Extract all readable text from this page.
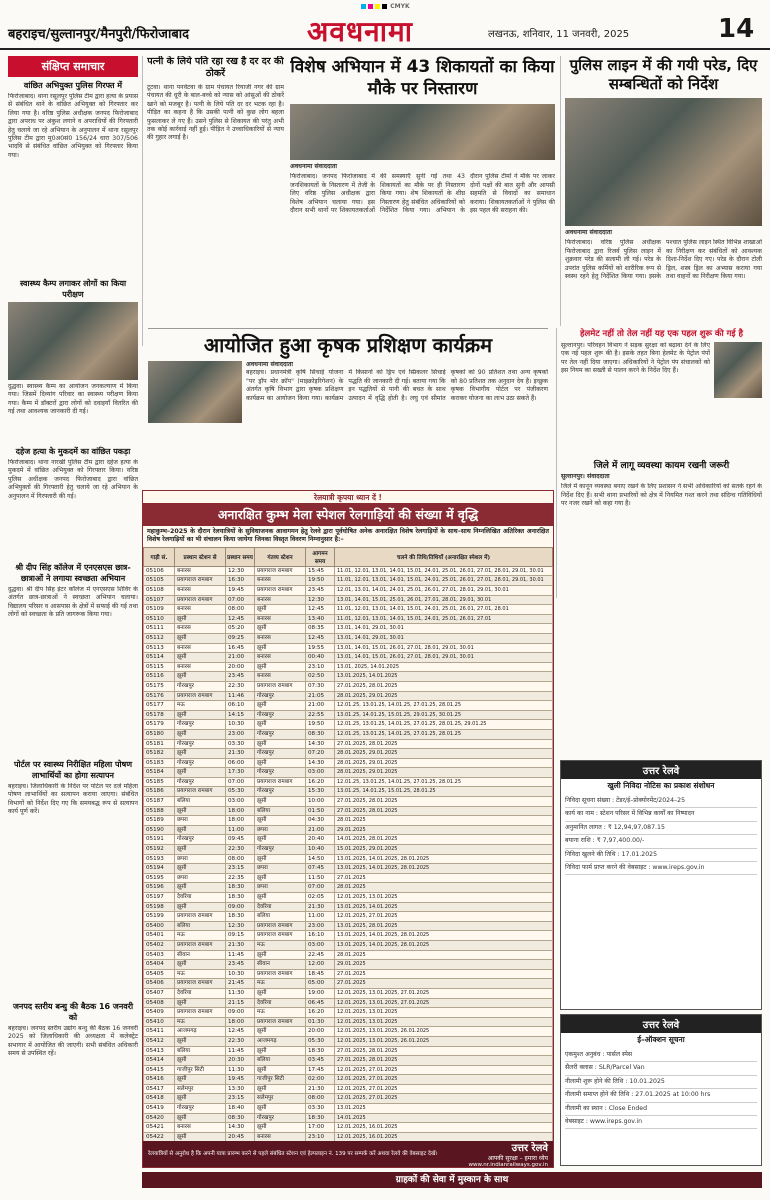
CMYK
बहराइच/सुल्तानपुर/मैनपुरी/फिरोजाबाद	अवधनामा	लखनऊ, शनिवार, 11 जनवरी, 2025	14
संक्षिप्त समाचार
वांछित अभियुक्त पुलिस गिरफ्त में
फिरोजाबाद। थाना रसूलपुर पुलिस टीम द्वारा हत्या के प्रयास से संबंधित थाने के वांछित अभियुक्त को गिरफ्तार कर लिया गया है। वरिष्ठ पुलिस अधीक्षक जनपद फिरोजाबाद द्वारा अपराध पर अंकुश लगाने व अपराधियों की गिरफ्तारी हेतु चलाये जा रहे अभियान के अनुपालन में थाना रसूलपुर पुलिस टीम द्वारा मु0अ0सं0 156/24 धारा 307/506 भादवि से संबंधित वांछित अभियुक्त को गिरफ्तार किया गया।
स्वास्थ्य कैम्प लगाकर लोगों का किया परीक्षण
दुद्धवा। स्वास्थ्य कैम्प का आयोजन जनकल्याण में किया गया। जिसमें दिव्यांग परिवार का स्वास्थ्य परीक्षण किया गया। कैम्प में डॉक्टरों द्वारा लोगों को दवाइयाँ वितरित की गई तथा आवश्यक जानकारी दी गई।
दहेज हत्या के मुकदमें का वांछित पकड़ा
फिरोजाबाद। थाना नारखी पुलिस टीम द्वारा दहेज हत्या के मुकदमे में वांछित अभियुक्त को गिरफ्तार किया। वरिष्ठ पुलिस अधीक्षक जनपद फिरोजाबाद द्वारा वांछित अभियुक्तों की गिरफ्तारी हेतु चलाये जा रहे अभियान के अनुपालन में गिरफ्तारी की गई।
श्री दीप सिंह कॉलेज में एनएसएस छात्र-छात्राओं ने लगाया स्वच्छता अभियान
दुद्धवा। श्री दीप सिंह इंटर कॉलेज में एनएसएस शिविर के अंतर्गत छात्र-छात्राओं ने स्वच्छता अभियान चलाया। विद्यालय परिसर व आसपास के क्षेत्रों में सफाई की गई तथा लोगों को स्वच्छता के प्रति जागरूक किया गया।
पोर्टल पर स्वास्थ्य निरीक्षित महिला पोषण लाभार्थियों का होगा सत्यापन
बहराइच। जिलाधिकारी के निर्देश पर पोर्टल पर दर्ज महिला पोषण लाभार्थियों का सत्यापन कराया जाएगा। संबंधित विभागों को निर्देश दिए गए कि समयबद्ध रूप से सत्यापन कार्य पूर्ण करें।
जनपद स्तरीय बन्धु की बैठक 16 जनवरी को
बहराइच। जनपद स्तरीय उद्योग बन्धु की बैठक 16 जनवरी 2025 को जिलाधिकारी की अध्यक्षता में कलेक्ट्रेट सभागार में आयोजित की जाएगी। सभी संबंधित अधिकारी समय से उपस्थित रहें।
पत्नी के लिये पति रहा रख है दर दर की ठोकरें
टूटवा। थाना पनवेंटवा के ग्राम पंचायत रियाजी नगर की ग्राम पंचायत की धूरी के बाल-बच्चे को न्यास को आंसुओं की ठोकरें खाने को मजबूर है। पत्नी के लिये पति दर दर भटक रहा है। पीड़ित का कहना है कि उसकी पत्नी को कुछ लोग बहला फुसलाकर ले गए हैं। उसने पुलिस से शिकायत की परंतु अभी तक कोई कार्रवाई नहीं हुई। पीड़ित ने उच्चाधिकारियों से न्याय की गुहार लगाई है।
विशेष अभियान में 43 शिकायतों का किया मौके पर निस्तारण
अवधनामा संवाददाता
फिरोजाबाद। जनपद फिरोजाबाद में जनशिकायतों के निस्तारण में तेजी के लिए वरिष्ठ पुलिस अधीक्षक द्वारा विशेष अभियान चलाया गया। इस दौरान सभी थानों पर शिकायतकर्ताओं की समस्याएँ सुनी गईं तथा 43 शिकायतों का मौके पर ही निस्तारण किया गया। शेष शिकायतों के शीघ्र निस्तारण हेतु संबंधित अधिकारियों को निर्देशित किया गया। अभियान के दौरान पुलिस टीमों ने मौके पर जाकर दोनों पक्षों की बात सुनी और आपसी सहमति से विवादों का समाधान कराया। शिकायतकर्ताओं ने पुलिस की इस पहल की सराहना की।
पुलिस लाइन में की गयी परेड, दिए सम्बन्धितों को निर्देश
अवधनामा संवाददाता
फिरोजाबाद। वरिष्ठ पुलिस अधीक्षक फिरोजाबाद द्वारा रिजर्व पुलिस लाइन में शुक्रवार परेड की सलामी ली गई। परेड के उपरांत पुलिस कर्मियों को शारीरिक रूप से स्वस्थ रहने हेतु निर्देशित किया गया। इसके पश्चात पुलिस लाइन स्थित विभिन्न शाखाओं का निरीक्षण कर संबंधितों को आवश्यक दिशा-निर्देश दिए गए। परेड के दौरान टोली ड्रिल, शस्त्र ड्रिल का अभ्यास कराया गया तथा वाहनों का निरीक्षण किया गया।
आयोजित हुआ कृषक प्रशिक्षण कार्यक्रम
अवधनामा संवाददाता
बहराइच। प्रधानमंत्री कृषि सिंचाई योजना "पर ड्रॉप मोर क्रॉप" (माइक्रोइरिगेशन) के अंतर्गत कृषि विभाग द्वारा कृषक प्रशिक्षण कार्यक्रम का आयोजन किया गया। कार्यक्रम में किसानों को ड्रिप एवं स्प्रिंकलर सिंचाई पद्धति की जानकारी दी गई। बताया गया कि इन पद्धतियों से पानी की बचत के साथ उत्पादन में वृद्धि होती है। लघु एवं सीमांत कृषकों को 90 प्रतिशत तथा अन्य कृषकों को 80 प्रतिशत तक अनुदान देय है। इच्छुक कृषक विभागीय पोर्टल पर पंजीकरण कराकर योजना का लाभ उठा सकते हैं।
हेलमेट नहीं तो तेल नहीं यह एक पहल शुरू की गई है
सुल्तानपुर। परिवहन विभाग ने सड़क सुरक्षा को बढ़ावा देने के लिए एक नई पहल शुरू की है। इसके तहत बिना हेलमेट के पेट्रोल पंपों पर तेल नहीं दिया जाएगा। अधिकारियों ने पेट्रोल पंप संचालकों को इस नियम का सख्ती से पालन करने के निर्देश दिए हैं।
जिले में लागू व्यवस्था कायम रखनी जरूरी
सुल्तानपुर। संवाददाता
जिले में कानून व्यवस्था बनाए रखने के लिए प्रशासन ने सभी अधिकारियों को सतर्क रहने के निर्देश दिए हैं। सभी थाना प्रभारियों को क्षेत्र में नियमित गश्त करने तथा संदिग्ध गतिविधियों पर नजर रखने को कहा गया है।
रेलयात्री कृपया ध्यान दें !
अनारक्षित कुम्भ मेला स्पेशल रेलगाड़ियों की संख्या में वृद्धि
महाकुम्भ–2025 के दौरान रेलयात्रियों के सुविधाजनक आवागमन हेतु रेलवे द्वारा पूर्वघोषित अनेक अनारक्षित विशेष रेलगाड़ियों के साथ–साथ निम्नलिखित अतिरिक्त अनारक्षित विशेष रेलगाड़ियों का भी संचालन किया जायेगा जिनका विस्तृत विवरण निम्नानुसार है:–
गाड़ी सं.	प्रस्थान स्टेशन से	प्रस्थान समय	गंतव्य स्टेशन	आगमन समय	चलने की तिथि/तिथियाँ (अनारक्षित स्पेशल में)
05106	बनारस	12:30	प्रयागराज रामबाग	15:45	11.01, 12.01, 13.01, 14.01, 15.01, 24.01, 25.01, 26.01, 27.01, 28.01, 29.01, 30.01
05105	प्रयागराज रामबाग	16:30	बनारस	19:50	11.01, 12.01, 13.01, 14.01, 15.01, 24.01, 25.01, 26.01, 27.01, 28.01, 29.01, 30.01
05108	बनारस	19:45	प्रयागराज रामबाग	23:45	12.01, 13.01, 14.01, 24.01, 25.01, 26.01, 27.01, 28.01, 29.01, 30.01
05107	प्रयागराज रामबाग	07:00	बनारस	12:30	13.01, 14.01, 15.01, 25.01, 26.01, 27.01, 28.01, 29.01, 30.01
05109	बनारस	08:00	झूसी	12:45	11.01, 12.01, 13.01, 14.01, 15.01, 24.01, 25.01, 26.01, 27.01, 28.01
05110	झूसी	12:45	बनारस	13:40	11.01, 12.01, 13.01, 14.01, 15.01, 24.01, 25.01, 26.01, 27.01
05111	बनारस	05:20	झूसी	08:35	13.01, 14.01, 29.01, 30.01
05112	झूसी	09:25	बनारस	12:45	13.01, 14.01, 29.01, 30.01
05113	बनारस	16:45	झूसी	19:55	13.01, 14.01, 15.01, 26.01, 27.01, 28.01, 29.01, 30.01
05114	झूसी	21:00	बनारस	00:40	13.01, 14.01, 15.01, 26.01, 27.01, 28.01, 29.01, 30.01
05115	बनारस	20:00	झूसी	23:10	13.01, 2025, 14.01.2025
05116	झूसी	23:45	बनारस	02:50	13.01.2025, 14.01.2025
05175	गोरखपुर	22:30	प्रयागराज रामबाग	07:30	27.01.2025, 28.01.2025
05176	प्रयागराज रामबाग	11:46	गोरखपुर	21:05	28.01.2025, 29.01.2025
05177	मऊ	06:10	झूसी	21:00	12.01.25, 13.01.25, 14.01.25, 27.01.25, 28.01.25
05178	झूसी	14:15	गोरखपुर	22:55	13.01.25, 14.01.25, 15.01.25, 29.01.25, 30.01.25
05179	गोरखपुर	10:30	झूसी	19:50	12.01.25, 13.01.25, 14.01.25, 27.01.25, 28.01.25, 29.01.25
05180	झूसी	23:00	गोरखपुर	08:30	12.01.25, 13.01.25, 14.01.25, 27.01.25, 28.01.25
05181	गोरखपुर	03:30	झूसी	14:30	27.01.2025, 28.01.2025
05182	झूसी	21:30	गोरखपुर	07:20	28.01.2025, 29.01.2025
05183	गोरखपुर	06:00	झूसी	14:30	28.01.2025, 29.01.2025
05184	झूसी	17:30	गोरखपुर	03:00	28.01.2025, 29.01.2025
05185	गोरखपुर	07:00	प्रयागराज रामबाग	16:20	12.01.25, 13.01.25, 14.01.25, 27.01.25, 28.01.25
05186	प्रयागराज रामबाग	05:30	गोरखपुर	15:30	13.01.25, 14.01.25, 15.01.25, 28.01.25
05187	बलिया	03:00	झूसी	10:00	27.01.2025, 28.01.2025
05188	झूसी	18:00	बलिया	01:50	27.01.2025, 28.01.2025
05189	छपरा	18:00	झूसी	04:30	28.01.2025
05190	झूसी	11:00	छपरा	21:00	29.01.2025
05191	गोरखपुर	09:45	झूसी	20:40	14.01.2025, 28.01.2025
05192	झूसी	22:30	गोरखपुर	10:40	15.01.2025, 29.01.2025
05193	छपरा	08:00	झूसी	14:50	13.01.2025, 14.01.2025, 28.01.2025
05194	झूसी	23:15	छपरा	07:45	13.01.2025, 14.01.2025, 28.01.2025
05195	छपरा	22:35	झूसी	11:50	27.01.2025
05196	झूसी	18:30	छपरा	07:00	28.01.2025
05197	देवरिया	18:30	झूसी	02:05	12.01.2025, 13.01.2025
05198	झूसी	09:00	देवरिया	21:30	13.01.2025, 14.01.2025
05199	प्रयागराज रामबाग	18:30	बलिया	11:00	12.01.2025, 27.01.2025
05400	बलिया	12:30	प्रयागराज रामबाग	23:00	13.01.2025, 28.01.2025
05401	मऊ	09:15	प्रयागराज रामबाग	16:10	13.01.2025, 14.01.2025, 28.01.2025
05402	प्रयागराज रामबाग	21:30	मऊ	03:00	13.01.2025, 14.01.2025, 28.01.2025
05403	सीवान	11:45	झूसी	22:45	28.01.2025
05404	झूसी	23:45	सीवान	12:00	29.01.2025
05405	मऊ	10:30	प्रयागराज रामबाग	18:45	27.01.2025
05406	प्रयागराज रामबाग	21:45	मऊ	05:00	27.01.2025
05407	देवरिया	11:30	झूसी	19:00	12.01.2025, 13.01.2025, 27.01.2025
05408	झूसी	21:15	देवरिया	06:45	12.01.2025, 13.01.2025, 27.01.2025
05409	प्रयागराज रामबाग	09:00	मऊ	16:20	12.01.2025, 13.01.2025
05410	मऊ	18:00	प्रयागराज रामबाग	01:30	12.01.2025, 13.01.2025
05411	आजमगढ़	12:45	झूसी	20:00	12.01.2025, 13.01.2025, 26.01.2025
05412	झूसी	22:30	आजमगढ़	05:30	12.01.2025, 13.01.2025, 26.01.2025
05413	बलिया	11:45	झूसी	18:30	27.01.2025, 28.01.2025
05414	झूसी	20:30	बलिया	03:45	27.01.2025, 28.01.2025
05415	गाजीपुर सिटी	11:30	झूसी	17:45	12.01.2025, 27.01.2025
05416	झूसी	19:45	गाजीपुर सिटी	02:00	12.01.2025, 27.01.2025
05417	सलेमपुर	13:30	झूसी	21:30	12.01.2025, 27.01.2025
05418	झूसी	23:15	सलेमपुर	08:00	12.01.2025, 27.01.2025
05419	गोरखपुर	18:40	झूसी	03:30	13.01.2025
05420	झूसी	08:30	गोरखपुर	18:30	14.01.2025
05421	बनारस	14:30	झूसी	17:00	12.01.2025, 16.01.2025
05422	झूसी	20:45	बनारस	23:10	12.01.2025, 16.01.2025
रेलयात्रियों से अनुरोध है कि अपनी यात्रा प्रारम्भ करने से पहले संबंधित स्टेशन एवं हेल्पलाइन नं. 139 पर सम्पर्क करें अथवा रेलवे की वेबसाइट देखें।	उत्तर रेलवे
आपकी सुरक्षा – हमारा ध्येय
www.nr.indianrailways.gov.in
उत्तर रेलवे
खुली निविदा नोटिस का प्रकाश संशोधन
निविदा सूचना संख्या : टेंडर/ई–प्रोक्योरमेंट/2024–25
कार्य का नाम : स्टेशन परिसर में विभिन्न कार्यों का निष्पादन
अनुमानित लागत : ₹ 12,94,97,087.15
बयाना राशि : ₹ 7,97,400.00/-
निविदा खुलने की तिथि : 17.01.2025
निविदा फार्म प्राप्त करने की वेबसाइट : www.ireps.gov.in
उत्तर रेलवे
ई–ऑक्शन सूचना
एकमुश्त अनुबंध : पार्सल स्पेस
सैलरी क्लास : SLR/Parcel Van
नीलामी शुरू होने की तिथि : 10.01.2025
नीलामी समाप्त होने की तिथि : 27.01.2025 at 10:00 hrs
नीलामी का स्थान : Close Ended
वेबसाइट : www.ireps.gov.in
ग्राहकों की सेवा में मुस्कान के साथ
